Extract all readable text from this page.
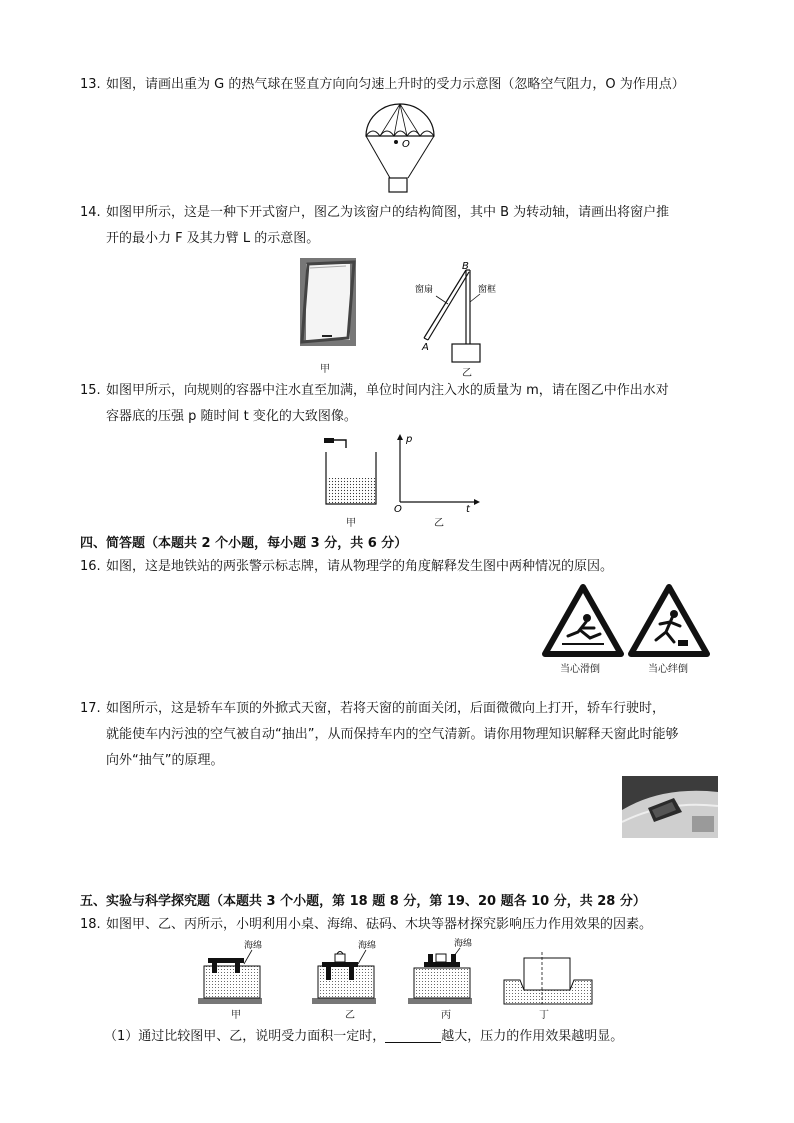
13. 如图，请画出重为 G 的热气球在竖直方向向匀速上升时的受力示意图（忽略空气阻力，O 为作用点）
O
14. 如图甲所示，这是一种下开式窗户，图乙为该窗户的结构简图，其中 B 为转动轴，请画出将窗户推
开的最小力 F 及其力臂 L 的示意图。
甲
B
A
窗扇	窗框
乙
15. 如图甲所示，向规则的容器中注水直至加满，单位时间内注入水的质量为 m，请在图乙中作出水对
容器底的压强 p 随时间 t 变化的大致图像。
p
t
O
甲	乙
四、简答题（本题共 2 个小题，每小题 3 分，共 6 分）
16. 如图，这是地铁站的两张警示标志牌，请从物理学的角度解释发生图中两种情况的原因。
当心滑倒	当心绊倒
17. 如图所示，这是轿车车顶的外掀式天窗，若将天窗的前面关闭，后面微微向上打开，轿车行驶时，
就能使车内污浊的空气被自动“抽出”，从而保持车内的空气清新。请你用物理知识解释天窗此时能够
向外“抽气”的原理。
五、实验与科学探究题（本题共 3 个小题，第 18 题 8 分，第 19、20 题各 10 分，共 28 分）
18. 如图甲、乙、丙所示，小明利用小桌、海绵、砝码、木块等器材探究影响压力作用效果的因素。
海绵	海绵	海绵
甲	乙	丙	丁
（1）通过比较图甲、乙，说明受力面积一定时，	越大，压力的作用效果越明显。
